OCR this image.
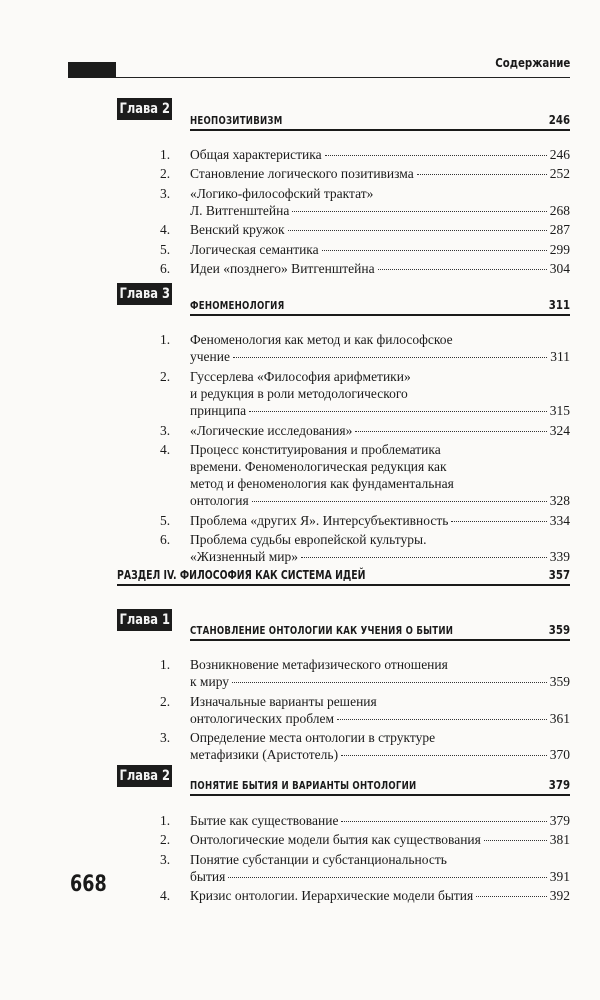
Содержание
Глава 2
НЕОПОЗИТИВИЗМ	246
1.	Общая характеристика	246
2.	Становление логического позитивизма	252
3.	«Логико-философский трактат»
Л. Витгенштейна	268
4.	Венский кружок	287
5.	Логическая семантика	299
6.	Идеи «позднего» Витгенштейна	304
Глава 3
ФЕНОМЕНОЛОГИЯ	311
1.	Феноменология как метод и как философское
учение	311
2.	Гуссерлева «Философия арифметики»
и редукция в роли методологического
принципа	315
3.	«Логические исследования»	324
4.	Процесс конституирования и проблематика
времени. Феноменологическая редукция как
метод и феноменология как фундаментальная
онтология	328
5.	Проблема «других Я». Интерсубъективность	334
6.	Проблема судьбы европейской культуры.
«Жизненный мир»	339
РАЗДЕЛ IV. ФИЛОСОФИЯ КАК СИСТЕМА ИДЕЙ	357
Глава 1
СТАНОВЛЕНИЕ ОНТОЛОГИИ КАК УЧЕНИЯ О БЫТИИ	359
1.	Возникновение метафизического отношения
к миру	359
2.	Изначальные варианты решения
онтологических проблем	361
3.	Определение места онтологии в структуре
метафизики (Аристотель)	370
Глава 2
ПОНЯТИЕ БЫТИЯ И ВАРИАНТЫ ОНТОЛОГИИ	379
1.	Бытие как существование	379
2.	Онтологические модели бытия как существования	381
3.	Понятие субстанции и субстанциональность
бытия	391
4.	Кризис онтологии. Иерархические модели бытия	392
668
